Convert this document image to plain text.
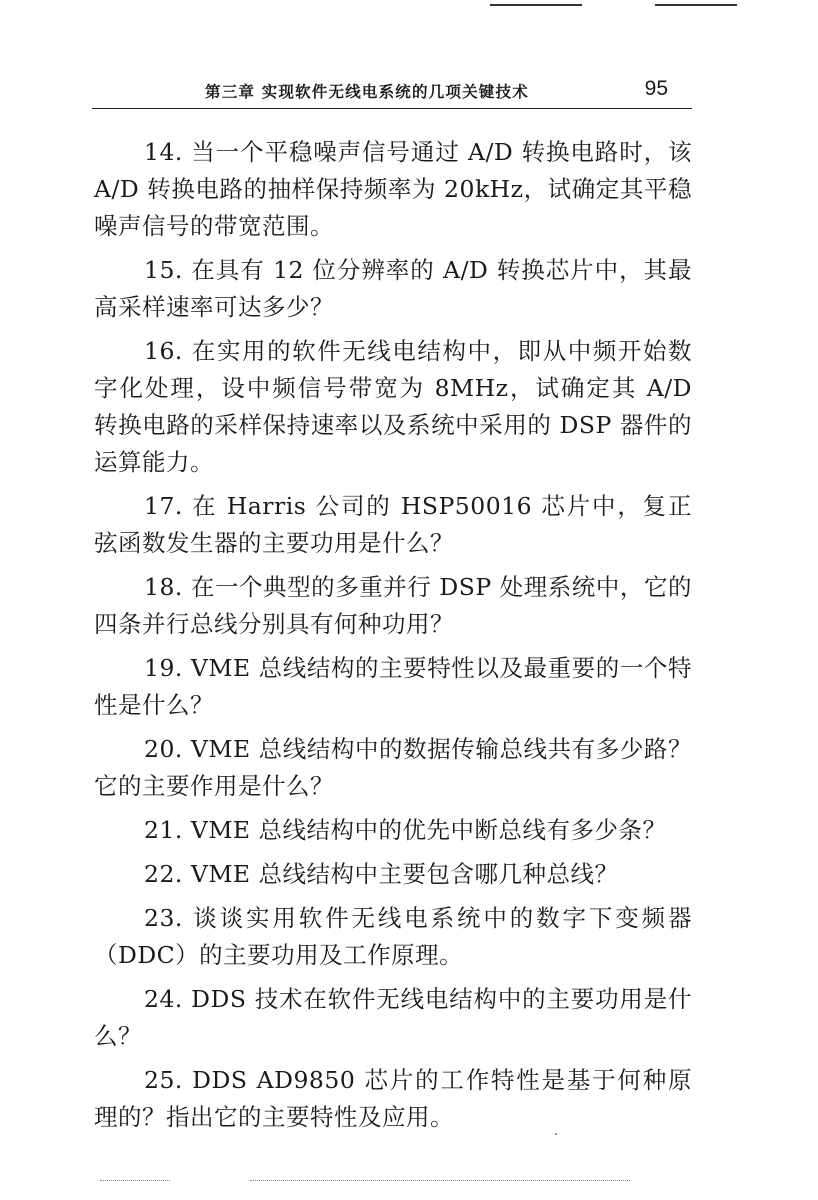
第三章 实现软件无线电系统的几项关键技术	95

14. 当一个平稳噪声信号通过 A/D 转换电路时，该 A/D 转换电路的抽样保持频率为 20kHz，试确定其平稳噪声信号的带宽范围。

15. 在具有 12 位分辨率的 A/D 转换芯片中，其最高采样速率可达多少？

16. 在实用的软件无线电结构中，即从中频开始数字化处理，设中频信号带宽为 8MHz，试确定其 A/D 转换电路的采样保持速率以及系统中采用的 DSP 器件的运算能力。

17. 在 Harris 公司的 HSP50016 芯片中，复正弦函数发生器的主要功用是什么？

18. 在一个典型的多重并行 DSP 处理系统中，它的四条并行总线分别具有何种功用？

19. VME 总线结构的主要特性以及最重要的一个特性是什么？

20. VME 总线结构中的数据传输总线共有多少路？它的主要作用是什么？

21. VME 总线结构中的优先中断总线有多少条？

22. VME 总线结构中主要包含哪几种总线？

23. 谈谈实用软件无线电系统中的数字下变频器（DDC）的主要功用及工作原理。

24. DDS 技术在软件无线电结构中的主要功用是什么？

25. DDS AD9850 芯片的工作特性是基于何种原理的？指出它的主要特性及应用。
